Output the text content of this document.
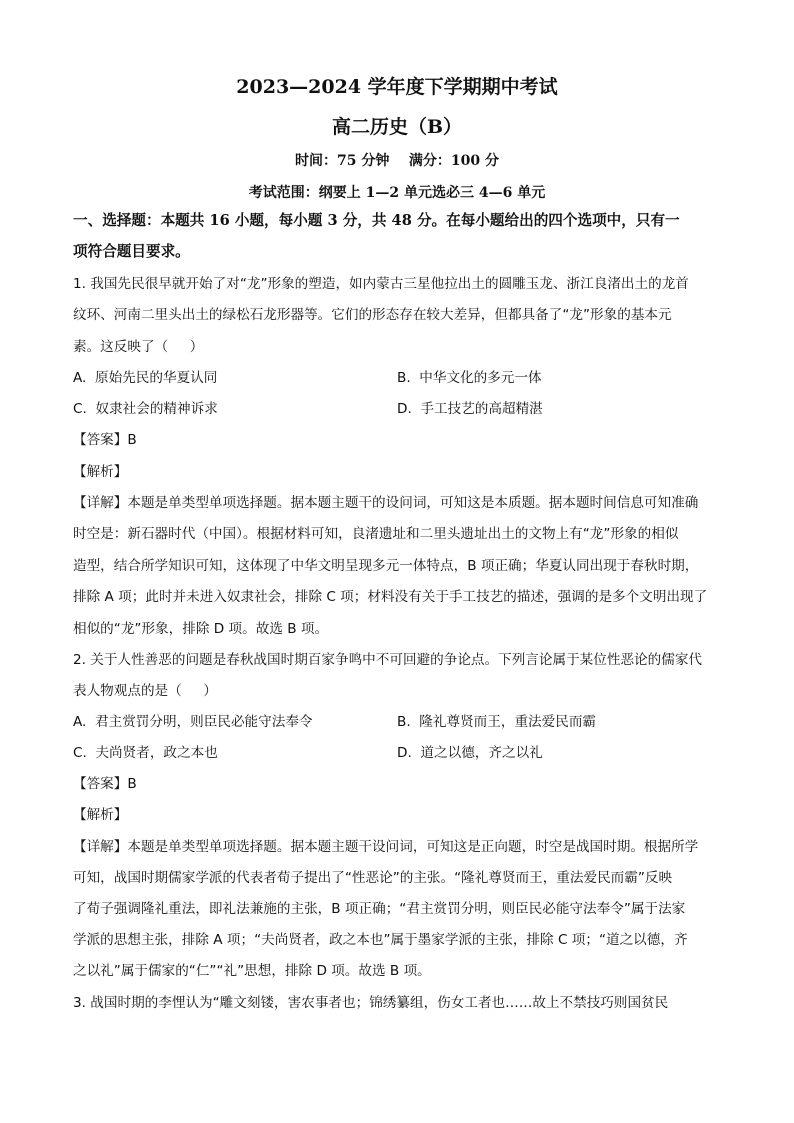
2023—2024 学年度下学期期中考试
高二历史（B）
时间：75 分钟    满分：100 分
考试范围：纲要上 1—2 单元选必三 4—6 单元
一、选择题：本题共 16 小题，每小题 3 分，共 48 分。在每小题给出的四个选项中，只有一
项符合题目要求。
1. 我国先民很早就开始了对“龙”形象的塑造，如内蒙古三星他拉出土的圆雕玉龙、浙江良渚出土的龙首
纹环、河南二里头出土的绿松石龙形器等。它们的形态存在较大差异，但都具备了“龙”形象的基本元
素。这反映了（     ）
A.  原始先民的华夏认同	B.  中华文化的多元一体
C.  奴隶社会的精神诉求	D.  手工技艺的高超精湛
【答案】B
【解析】
【详解】本题是单类型单项选择题。据本题主题干的设问词，可知这是本质题。据本题时间信息可知准确
时空是：新石器时代（中国）。根据材料可知，良渚遗址和二里头遗址出土的文物上有“龙”形象的相似
造型，结合所学知识可知，这体现了中华文明呈现多元一体特点，B 项正确；华夏认同出现于春秋时期，
排除 A 项；此时并未进入奴隶社会，排除 C 项；材料没有关于手工技艺的描述，强调的是多个文明出现了
相似的“龙”形象，排除 D 项。故选 B 项。
2. 关于人性善恶的问题是春秋战国时期百家争鸣中不可回避的争论点。下列言论属于某位性恶论的儒家代
表人物观点的是（     ）
A.  君主赏罚分明，则臣民必能守法奉令	B.  隆礼尊贤而王，重法爱民而霸
C.  夫尚贤者，政之本也	D.  道之以德，齐之以礼
【答案】B
【解析】
【详解】本题是单类型单项选择题。据本题主题干设问词，可知这是正向题，时空是战国时期。根据所学
可知，战国时期儒家学派的代表者荀子提出了“性恶论”的主张。“隆礼尊贤而王，重法爱民而霸”反映
了荀子强调隆礼重法，即礼法兼施的主张，B 项正确；“君主赏罚分明，则臣民必能守法奉令”属于法家
学派的思想主张，排除 A 项；“夫尚贤者，政之本也”属于墨家学派的主张，排除 C 项；“道之以德，齐
之以礼”属于儒家的“仁”“礼”思想，排除 D 项。故选 B 项。
3. 战国时期的李悝认为“雕文刻镂，害农事者也；锦绣纂组，伤女工者也……故上不禁技巧则国贫民
